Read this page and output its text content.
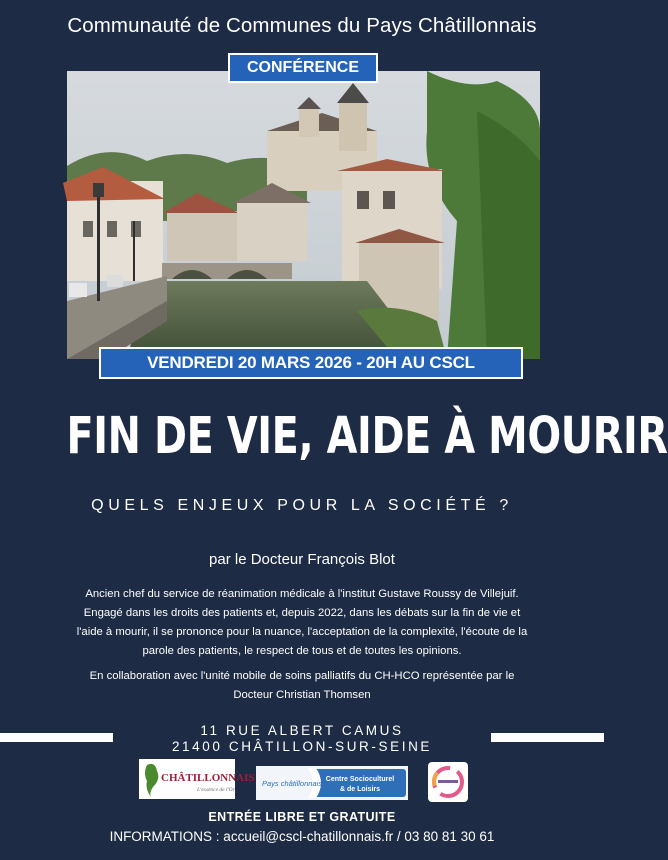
Communauté de Communes du Pays Châtillonnais
CONFÉRENCE
VENDREDI 20 MARS 2026 - 20H AU CSCL
FIN DE VIE, AIDE À MOURIR
QUELS ENJEUX POUR LA SOCIÉTÉ ?
par le Docteur François Blot
Ancien chef du service de réanimation médicale à l'institut Gustave Roussy de Villejuif.
Engagé dans les droits des patients et, depuis 2022, dans les débats sur la fin de vie et
l'aide à mourir, il se prononce pour la nuance, l'acceptation de la complexité, l'écoute de la
parole des patients, le respect de tous et de toutes les opinions.
En collaboration avec l'unité mobile de soins palliatifs du CH-HCO représentée par le
Docteur Christian Thomsen
11 RUE ALBERT CAMUS
21400 CHÂTILLON-SUR-SEINE
CHÂTILLONNAIS
L'essence de l'Or
Pays châtillonnais Centre Socioculturel
& de Loisirs
ENTRÉE LIBRE ET GRATUITE
INFORMATIONS : accueil@cscl-chatillonnais.fr / 03 80 81 30 61
